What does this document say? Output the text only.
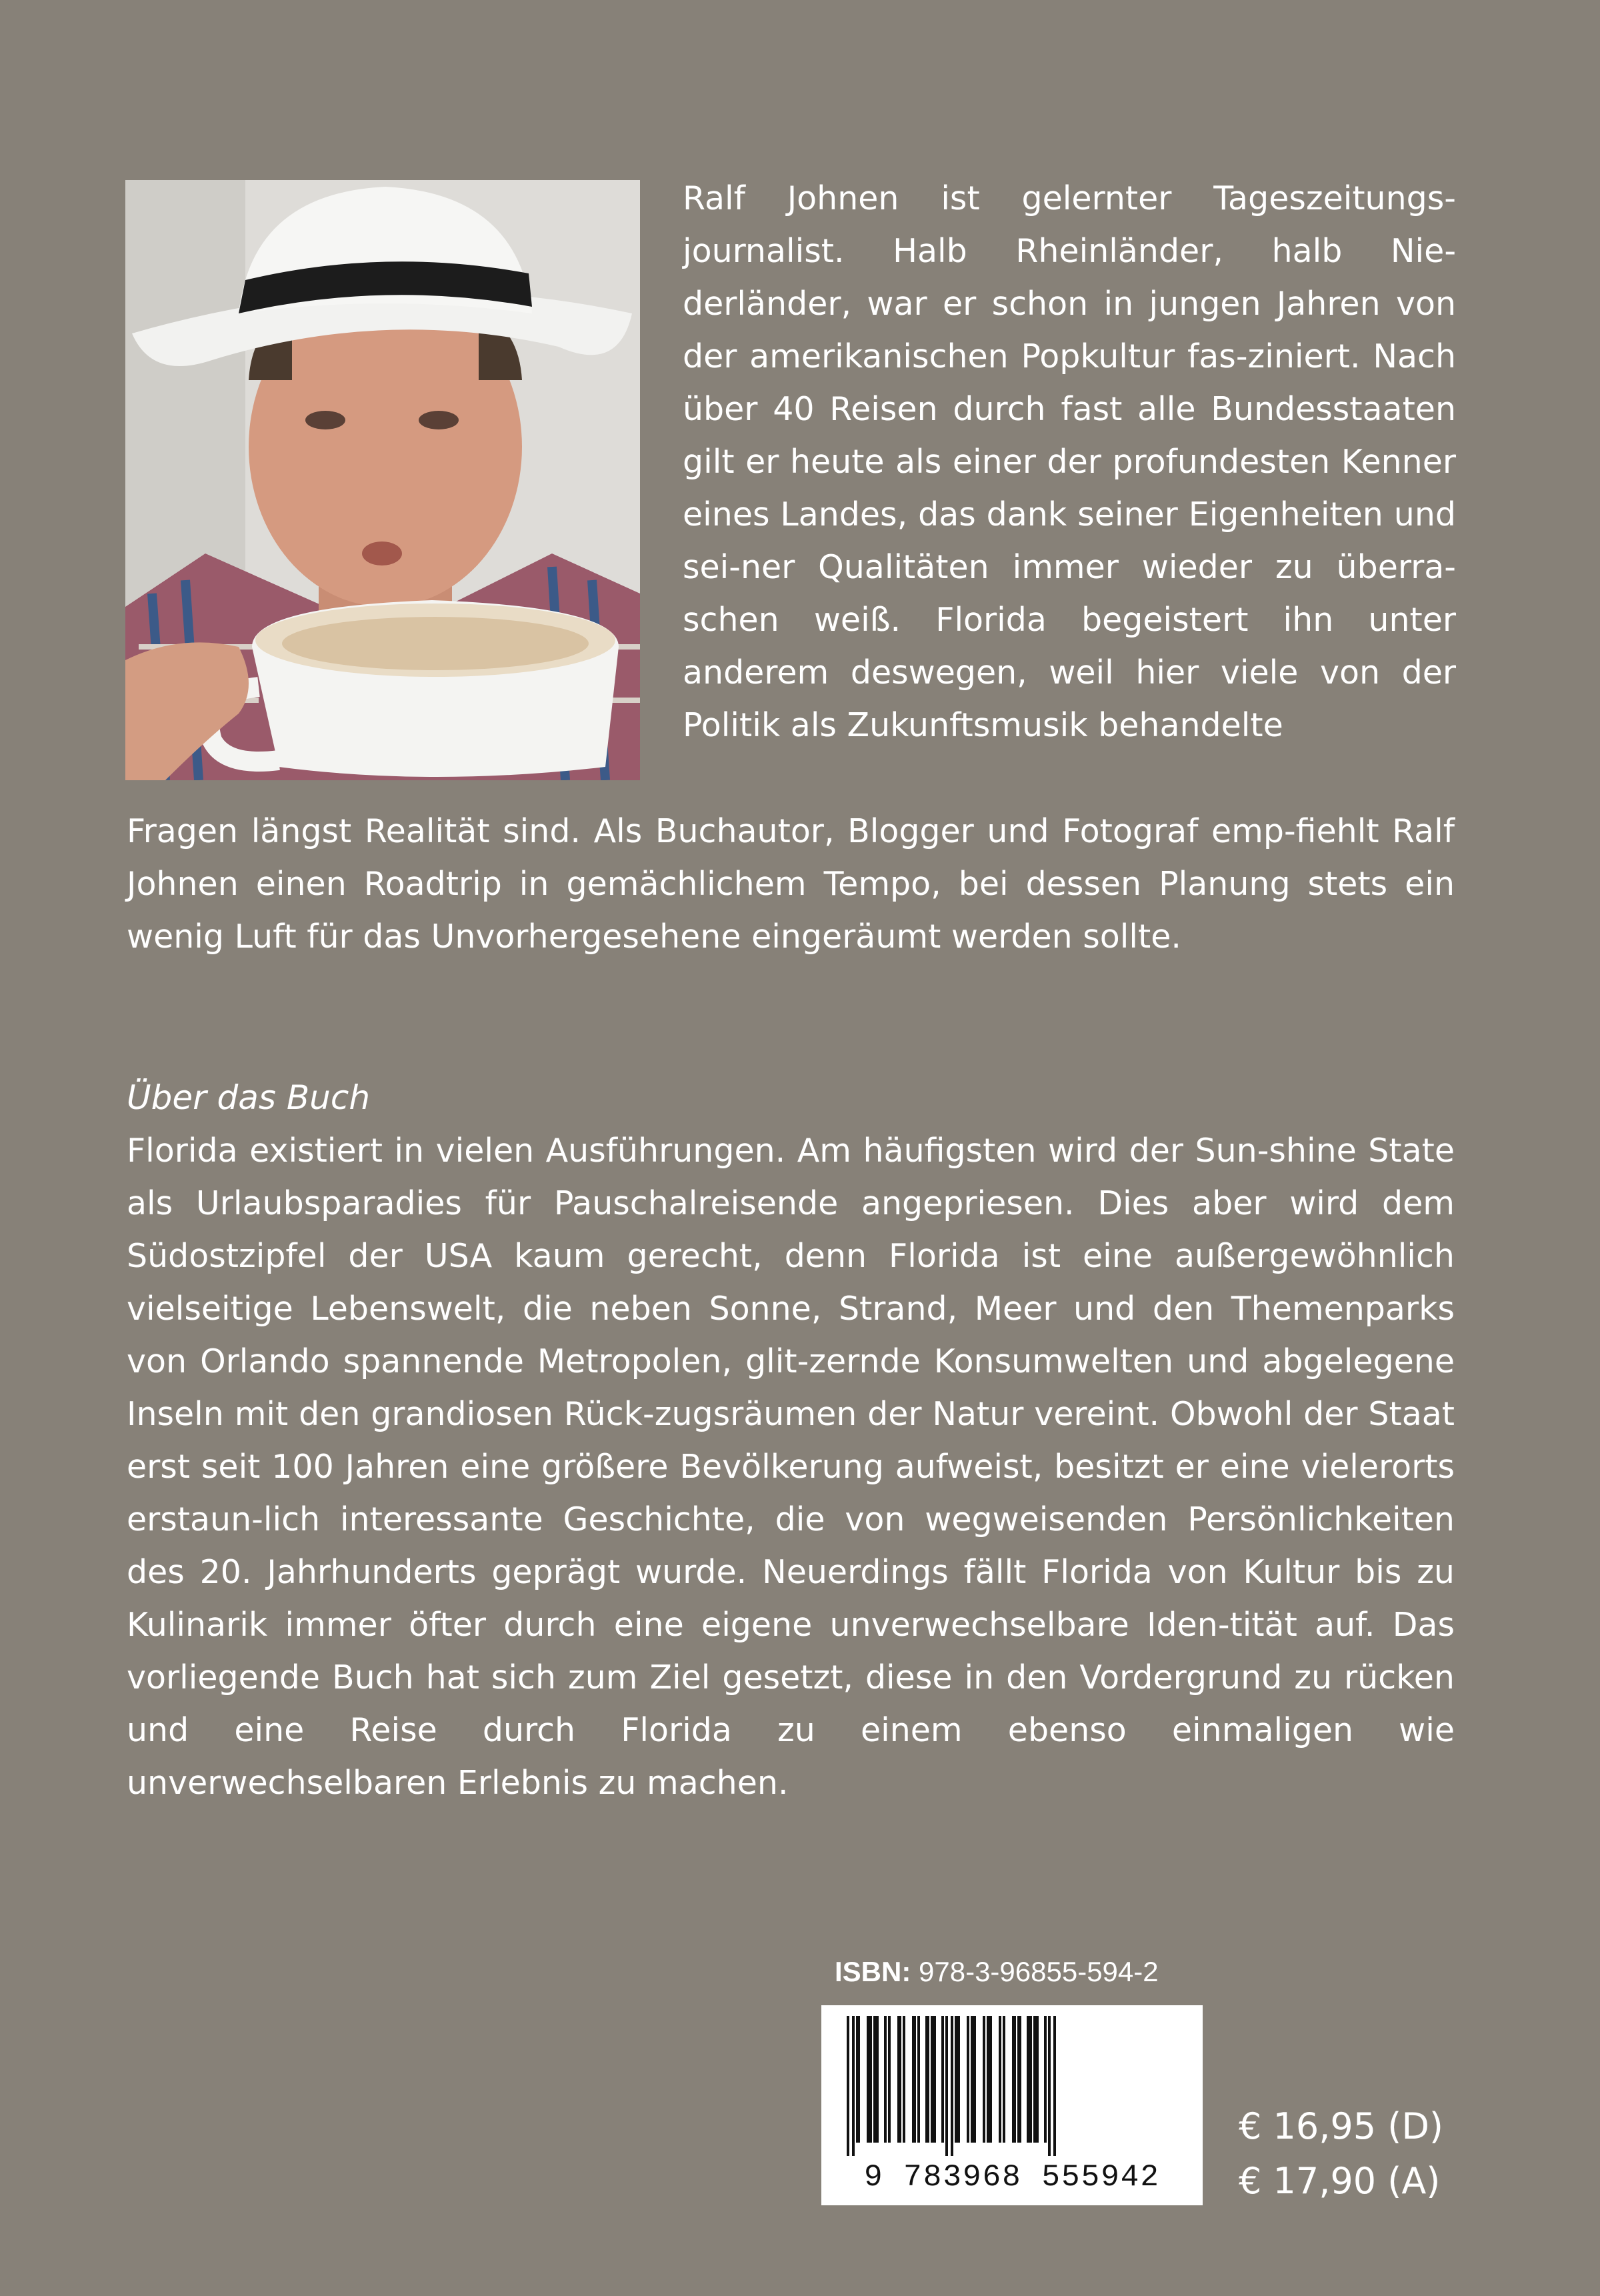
Ralf Johnen ist gelernter Tageszeitungs-journalist. Halb Rheinländer, halb Nie-derländer, war er schon in jungen Jahren von der amerikanischen Popkultur fas-ziniert. Nach über 40 Reisen durch fast alle Bundesstaaten gilt er heute als einer der profundesten Kenner eines Landes, das dank seiner Eigenheiten und sei-ner Qualitäten immer wieder zu überra-schen weiß. Florida begeistert ihn unter anderem deswegen, weil hier viele von der Politik als Zukunftsmusik behandelte

Fragen längst Realität sind. Als Buchautor, Blogger und Fotograf emp-fiehlt Ralf Johnen einen Roadtrip in gemächlichem Tempo, bei dessen Planung stets ein wenig Luft für das Unvorhergesehene eingeräumt werden sollte.

Über das Buch

Florida existiert in vielen Ausführungen. Am häufigsten wird der Sun-shine State als Urlaubsparadies für Pauschalreisende angepriesen. Dies aber wird dem Südostzipfel der USA kaum gerecht, denn Florida ist eine außergewöhnlich vielseitige Lebenswelt, die neben Sonne, Strand, Meer und den Themenparks von Orlando spannende Metropolen, glit-zernde Konsumwelten und abgelegene Inseln mit den grandiosen Rück-zugsräumen der Natur vereint. Obwohl der Staat erst seit 100 Jahren eine größere Bevölkerung aufweist, besitzt er eine vielerorts erstaun-lich interessante Geschichte, die von wegweisenden Persönlichkeiten des 20. Jahrhunderts geprägt wurde. Neuerdings fällt Florida von Kultur bis zu Kulinarik immer öfter durch eine eigene unverwechselbare Iden-tität auf. Das vorliegende Buch hat sich zum Ziel gesetzt, diese in den Vordergrund zu rücken und eine Reise durch Florida zu einem ebenso einmaligen wie unverwechselbaren Erlebnis zu machen.

ISBN: 978-3-96855-594-2
9 783968 555942
€ 16,95 (D)
€ 17,90 (A)
